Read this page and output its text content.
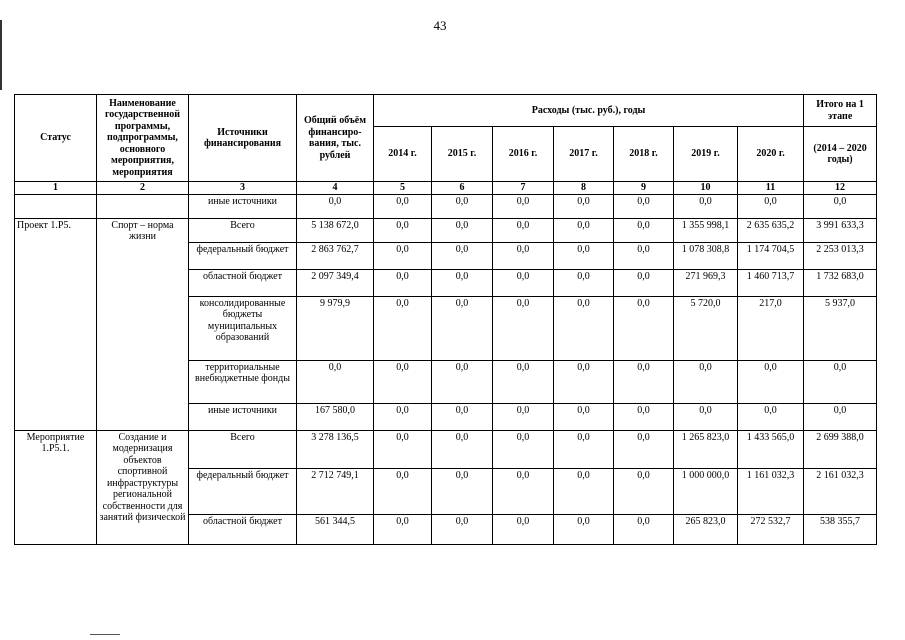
43
Статус	Наименование государственной программы, подпрограммы, основного мероприятия, мероприятия	Источники финансирования	Общий объём финансиро-вания, тыс. рублей	Расходы (тыс. руб.), годы							Итого на 1 этапе
				2014 г.	2015 г.	2016 г.	2017 г.	2018 г.	2019 г.	2020 г.	(2014 – 2020 годы)
1	2	3	4	5	6	7	8	9	10	11	12
		иные источники	0,0	0,0	0,0	0,0	0,0	0,0	0,0	0,0	0,0
Проект 1.Р5.	Спорт – норма жизни	Всего	5 138 672,0	0,0	0,0	0,0	0,0	0,0	1 355 998,1	2 635 635,2	3 991 633,3
		федеральный бюджет	2 863 762,7	0,0	0,0	0,0	0,0	0,0	1 078 308,8	1 174 704,5	2 253 013,3
		областной бюджет	2 097 349,4	0,0	0,0	0,0	0,0	0,0	271 969,3	1 460 713,7	1 732 683,0
		консолидированные бюджеты муниципальных образований	9 979,9	0,0	0,0	0,0	0,0	0,0	5 720,0	217,0	5 937,0
		территориальные внебюджетные фонды	0,0	0,0	0,0	0,0	0,0	0,0	0,0	0,0	0,0
		иные источники	167 580,0	0,0	0,0	0,0	0,0	0,0	0,0	0,0	0,0
Мероприятие 1.Р5.1.	Создание и модернизация объектов спортивной инфраструктуры региональной собственности для занятий физической	Всего	3 278 136,5	0,0	0,0	0,0	0,0	0,0	1 265 823,0	1 433 565,0	2 699 388,0
		федеральный бюджет	2 712 749,1	0,0	0,0	0,0	0,0	0,0	1 000 000,0	1 161 032,3	2 161 032,3
		областной бюджет	561 344,5	0,0	0,0	0,0	0,0	0,0	265 823,0	272 532,7	538 355,7
